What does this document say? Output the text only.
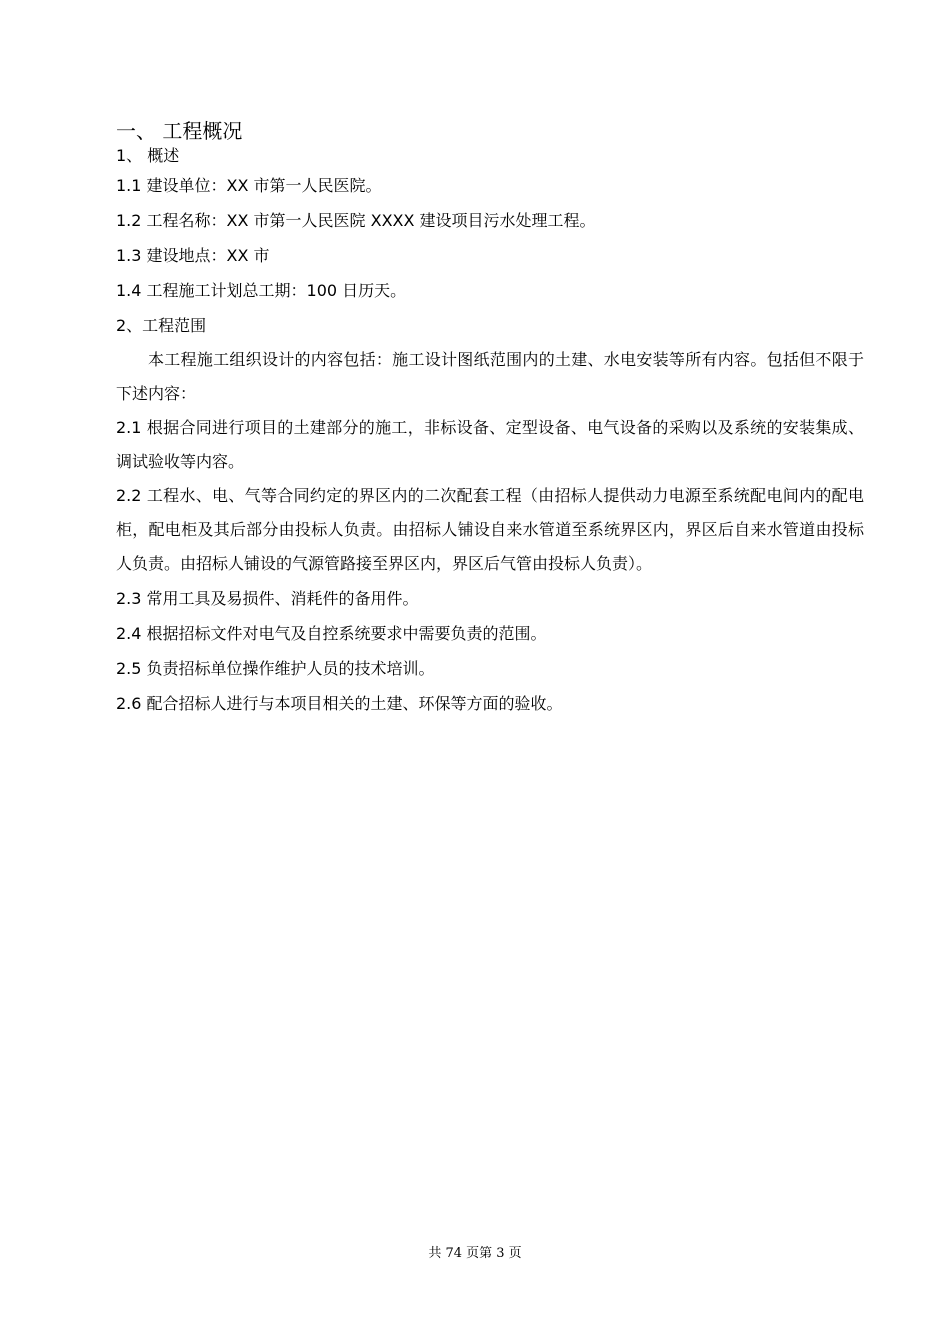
一、 工程概况

1、 概述

1.1 建设单位：XX 市第一人民医院。

1.2 工程名称：XX 市第一人民医院 XXXX 建设项目污水处理工程。

1.3 建设地点：XX 市

1.4 工程施工计划总工期：100 日历天。

2、工程范围

本工程施工组织设计的内容包括：施工设计图纸范围内的土建、水电安装等所有内容。包括但不限于下述内容：

2.1 根据合同进行项目的土建部分的施工，非标设备、定型设备、电气设备的采购以及系统的安装集成、调试验收等内容。

2.2 工程水、电、气等合同约定的界区内的二次配套工程（由招标人提供动力电源至系统配电间内的配电柜，配电柜及其后部分由投标人负责。由招标人铺设自来水管道至系统界区内，界区后自来水管道由投标人负责。由招标人铺设的气源管路接至界区内，界区后气管由投标人负责）。

2.3 常用工具及易损件、消耗件的备用件。

2.4 根据招标文件对电气及自控系统要求中需要负责的范围。

2.5 负责招标单位操作维护人员的技术培训。

2.6 配合招标人进行与本项目相关的土建、环保等方面的验收。

共 74 页第 3 页
